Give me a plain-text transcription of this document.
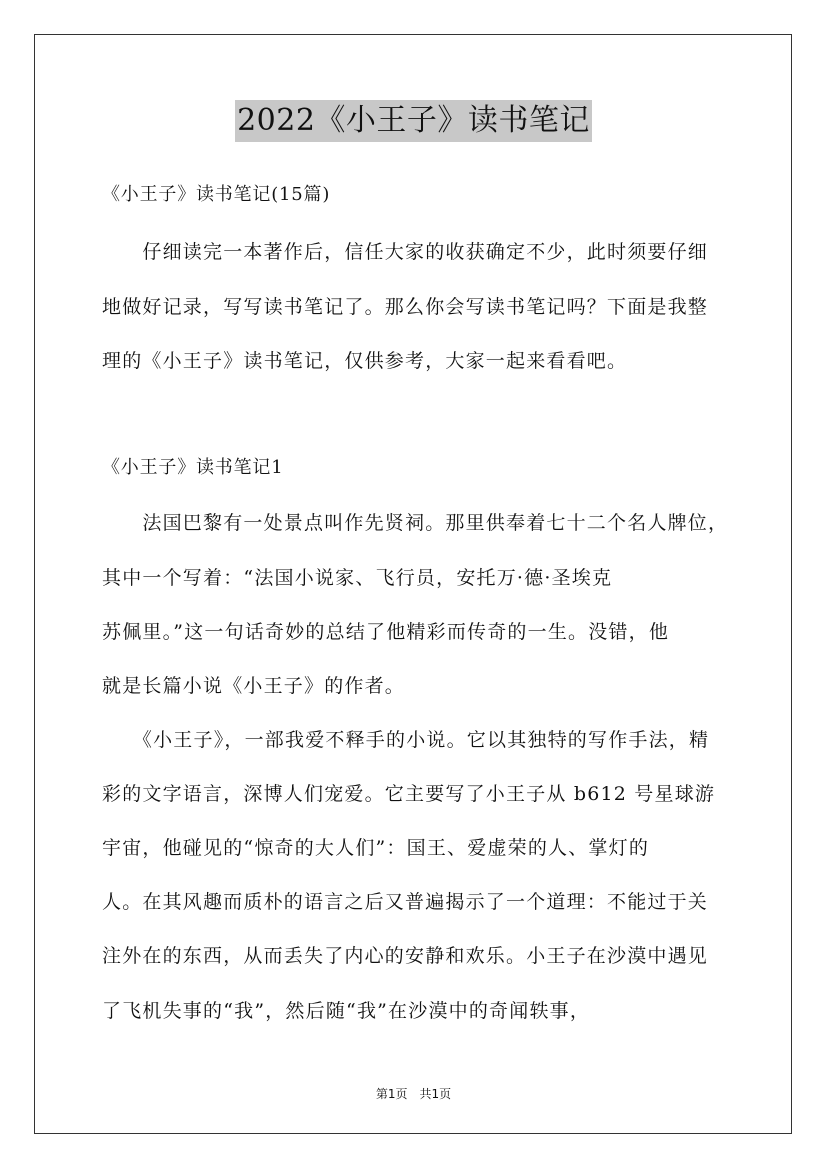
2022《小王子》读书笔记
《小王子》读书笔记(15篇)
　　仔细读完一本著作后，信任大家的收获确定不少，此时须要仔细
地做好记录，写写读书笔记了。那么你会写读书笔记吗？下面是我整
理的《小王子》读书笔记，仅供参考，大家一起来看看吧。
《小王子》读书笔记1
　　法国巴黎有一处景点叫作先贤祠。那里供奉着七十二个名人牌位，
其中一个写着：“法国小说家、飞行员，安托万·德·圣埃克
苏佩里。”这一句话奇妙的总结了他精彩而传奇的一生。没错，他
就是长篇小说《小王子》的作者。
　　《小王子》，一部我爱不释手的小说。它以其独特的写作手法，精
彩的文字语言，深博人们宠爱。它主要写了小王子从 b612 号星球游
宇宙，他碰见的“惊奇的大人们”：国王、爱虚荣的人、掌灯的
人。在其风趣而质朴的语言之后又普遍揭示了一个道理：不能过于关
注外在的东西，从而丢失了内心的安静和欢乐。小王子在沙漠中遇见
了飞机失事的“我”，然后随“我”在沙漠中的奇闻轶事，
第1页　共1页
